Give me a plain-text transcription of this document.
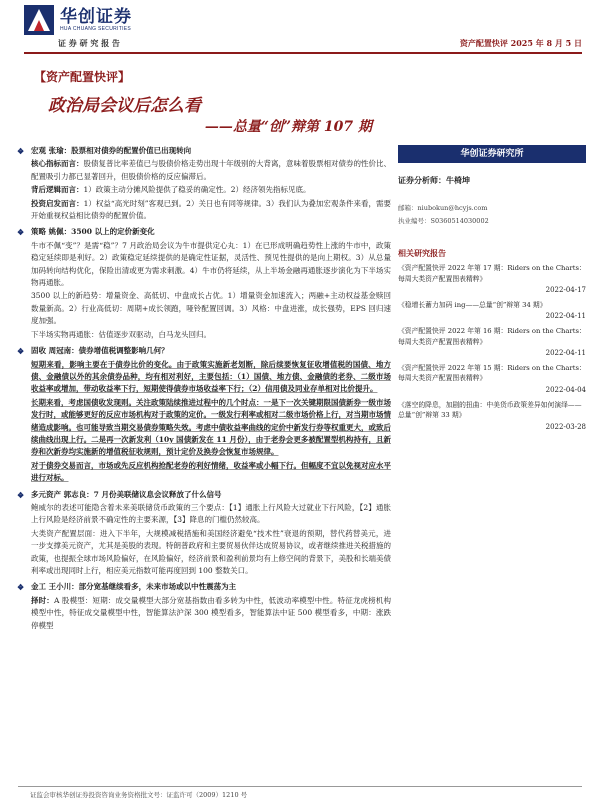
华创证券
HUA CHUANG SECURITIES
证 券 研 究 报 告	资产配置快评 2025 年 8 月 5 日
【资产配置快评】
政治局会议后怎么看
——总量“创”辩第 107 期
❖ 宏观 张瑜：股票相对债券的配置价值已出现转向
核心指标而言：股债复普比率差值已与股债价格走势出现十年级别的大背离，意味着股票相对债券的性价比、配置吸引力都已显著回升，但股债价格的反应偏滞后。
背后逻辑而言：1）政策主动分摊风险提供了稳妥的确定性。2）经济领先指标见底。
投资启发而言：1）权益“高光时刻”客观已到。2）关日也有同等规律。3）我们认为叠加宏观条件来看，需要开始重视权益相比债券的配置价值。
❖ 策略 姚佩：3500 以上的定价新变化
牛市不佩“变”？是需“稳”？7 月政治局会议为牛市提供定心丸：1）在已形成明确趋势性上涨的牛市中，政策稳定延续即是利好。2）政策稳定延续提供的是确定性证据，灵活性、预见性提供的是向上期权。3）从总量加码转向结构优化，保险出清或更为需求刺激。4）牛市仍将延续，从上半场金融再通胀逐步演化为下半场实物再通胀。
3500 以上的新趋势：增量资金、高低切、中盘成长占优。1）增量资金加速流入；两融+主动权益基金赎回数量新高。2）行业高低切：周期+成长领跑，哑铃配置回调。3）风格：中盘进涨，成长强势，EPS 回归速度加强。
下半场实物再通胀：估值逐步双驱动，白马龙头回归。
❖ 固收 周冠南：债券增值税调整影响几何？
短期来看，影响主要在于债券比价的变化。由于政策实施新老划断，除后续要恢复征收增值税的国债、地方债、金融债以外的其余债券品种，均有相对利好，主要包括：（1）国债、地方债、金融债的老券、二级市场收益率或增加，带动收益率下行，短期使得债券市场收益率下行；（2）信用债及同业存单相对比价提升。
长期来看，考虑国债收发现则。关注政策陆续推进过程中的几个时点：一是下一次关键期限国债新券一级市场发行时，或能够更好的反应市场机构对于政策的定价。一级发行利率或相对二级市场价格上行，对当期市场情绪造成影响。也可能导致当期交易债券策略失效。考虑中债收益率曲线的定价中新发行券等权重更大，或致后续曲线出现上行。二是再一次新发利（10y 国债新发在 11 月份），由于老券会更多被配置型机构持有，且新券和次新券均实施新的增值税征收规则，预计定价及换券会恢复市场规律。
对于债券交易而言，市场或先反应机构抢配老券的利好情绪，收益率或小幅下行。但幅度不宜以免视对应水平进行对标。
❖ 多元资产 郭志良：7 月份美联储议息会议释放了什么信号
鲍威尔的表述可能隐含着未来美联储货币政策的三个要点：【1】通胀上行风险大过就业下行风险，【2】通胀上行风险是经济前景不确定性的主要来源，【3】降息的门槛仍然较高。
大类资产配置层面：进入下半年，大规模减税措施和美国经济避免“技术性”衰退的预期，替代药替美元，进一步支撑美元资产，尤其是美股的表现。特朗普政府和主要贸易伙伴达成贸易协议，或者继续推进关税措施的政策，也提振全球市场风险偏好，在风险偏好，经济前景和盈利前景均有上修空间的背景下，美股和长端美债利率或出现同时上行，相应美元指数可能再度回到 100 整数关口。
❖ 金工 王小川：部分宽基继续看多，未来市场或以中性震荡为主
择时：A 股模型：短期：成交量模型大部分宽基指数由看多转为中性，低波动率模型中性。特征龙虎榜机构模型中性，特征成交量模型中性，智能算法沪深 300 模型看多，智能算法中证 500 模型看多，中期：涨跌停模型
华创证券研究所
证券分析师：牛椅坤
邮箱：niubokun@hcyjs.com
执业编号：S0360514030002
相关研究报告
《资产配置快评 2022 年第 17 期：Riders on the Charts：每周大类资产配置图表精粹》
2022-04-17
《稳增长蓄力加码 ing——总量“创”辩第 34 期》
2022-04-11
《资产配置快评 2022 年第 16 期：Riders on the Charts：每周大类资产配置图表精粹》
2022-04-11
《资产配置快评 2022 年第 15 期：Riders on the Charts：每周大类资产配置图表精粹》
2022-04-04
《落空的降息，加剧的扭曲：中美货币政策差异如何演绎——总量“创”辩第 33 期》
2022-03-28
证监会审核华创证券投资咨询业务资格批文号：证监许可（2009）1210 号
